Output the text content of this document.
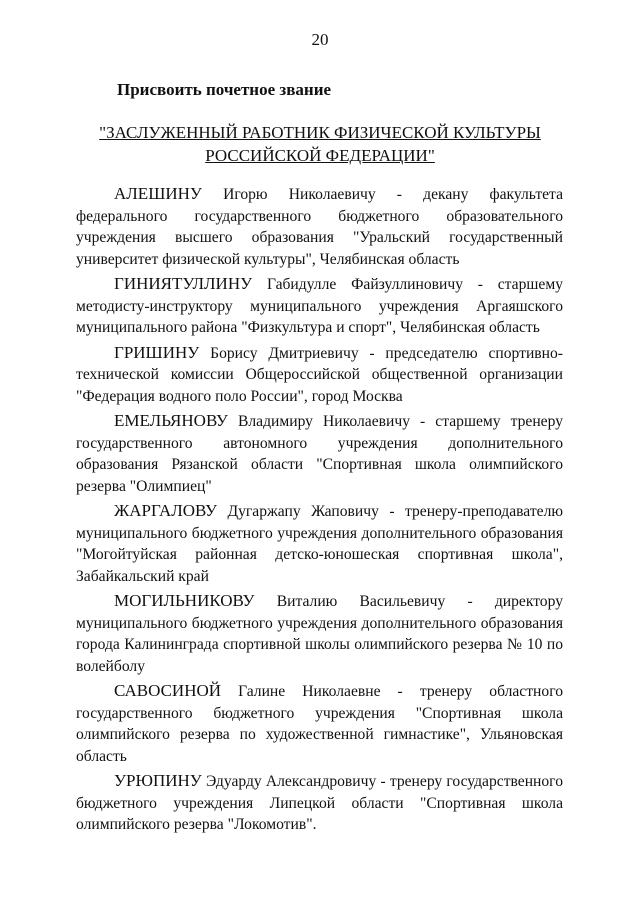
20
Присвоить почетное звание
"ЗАСЛУЖЕННЫЙ РАБОТНИК ФИЗИЧЕСКОЙ КУЛЬТУРЫ
РОССИЙСКОЙ ФЕДЕРАЦИИ"

АЛЕШИНУ Игорю Николаевичу - декану факультета федерального государственного бюджетного образовательного учреждения высшего образования "Уральский государственный университет физической культуры", Челябинская область

ГИНИЯТУЛЛИНУ Габидулле Файзуллиновичу - старшему методисту-инструктору муниципального учреждения Аргаяшского муниципального района "Физкультура и спорт", Челябинская область

ГРИШИНУ Борису Дмитриевичу - председателю спортивно-технической комиссии Общероссийской общественной организации "Федерация водного поло России", город Москва

ЕМЕЛЬЯНОВУ Владимиру Николаевичу - старшему тренеру государственного автономного учреждения дополнительного образования Рязанской области "Спортивная школа олимпийского резерва "Олимпиец"

ЖАРГАЛОВУ Дугаржапу Жаповичу - тренеру-преподавателю муниципального бюджетного учреждения дополнительного образования "Могойтуйская районная детско-юношеская спортивная школа", Забайкальский край

МОГИЛЬНИКОВУ Виталию Васильевичу - директору муниципального бюджетного учреждения дополнительного образования города Калининграда спортивной школы олимпийского резерва № 10 по волейболу

САВОСИНОЙ Галине Николаевне - тренеру областного государственного бюджетного учреждения "Спортивная школа олимпийского резерва по художественной гимнастике", Ульяновская область

УРЮПИНУ Эдуарду Александровичу - тренеру государственного бюджетного учреждения Липецкой области "Спортивная школа олимпийского резерва "Локомотив".
